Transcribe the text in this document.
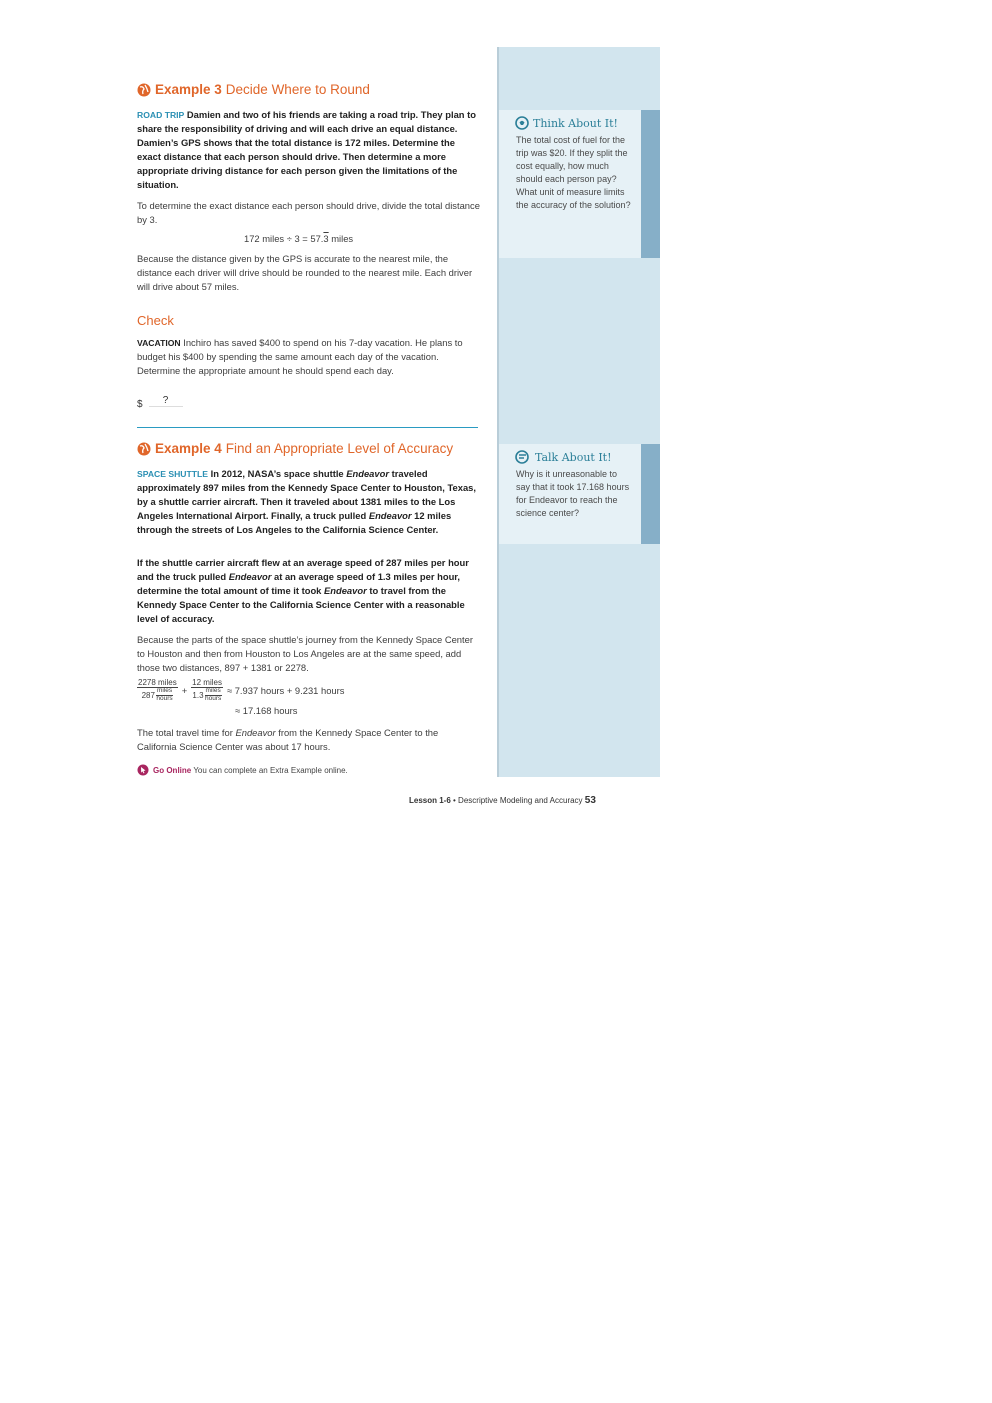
Think About It!
The total cost of fuel for the trip was $20. If they split the cost equally, how much should each person pay? What unit of measure limits the accuracy of the solution?
Talk About It!
Why is it unreasonable to say that it took 17.168 hours for Endeavor to reach the science center?
Example 3 Decide Where to Round

ROAD TRIP Damien and two of his friends are taking a road trip. They plan to share the responsibility of driving and will each drive an equal distance. Damien’s GPS shows that the total distance is 172 miles. Determine the exact distance that each person should drive. Then determine a more appropriate driving distance for each person given the limitations of the situation.

To determine the exact distance each person should drive, divide the total distance by 3.

172 miles ÷ 3 = 57.3 miles

Because the distance given by the GPS is accurate to the nearest mile, the distance each driver will drive should be rounded to the nearest mile. Each driver will drive about 57 miles.

Check

VACATION Inchiro has saved $400 to spend on his 7-day vacation. He plans to budget his $400 by spending the same amount each day of the vacation. Determine the appropriate amount he should spend each day.

$	?
Example 4 Find an Appropriate Level of Accuracy

SPACE SHUTTLE In 2012, NASA’s space shuttle Endeavor traveled approximately 897 miles from the Kennedy Space Center to Houston, Texas, by a shuttle carrier aircraft. Then it traveled about 1381 miles to the Los Angeles International Airport. Finally, a truck pulled Endeavor 12 miles through the streets of Los Angeles to the California Science Center.

If the shuttle carrier aircraft flew at an average speed of 287 miles per hour and the truck pulled Endeavor at an average speed of 1.3 miles per hour, determine the total amount of time it took Endeavor to travel from the Kennedy Space Center to the California Science Center with a reasonable level of accuracy.

Because the parts of the space shuttle’s journey from the Kennedy Space Center to Houston and then from Houston to Los Angeles are at the same speed, add those two distances, 897 + 1381 or 2278.

2278 miles
287 miles
hours + 12 miles
1.3 miles
hours ≈ 7.937 hours + 9.231 hours

≈ 17.168 hours

The total travel time for Endeavor from the Kennedy Space Center to the California Science Center was about 17 hours.

Go Online You can complete an Extra Example online.
Lesson 1-6 • Descriptive Modeling and Accuracy 53
